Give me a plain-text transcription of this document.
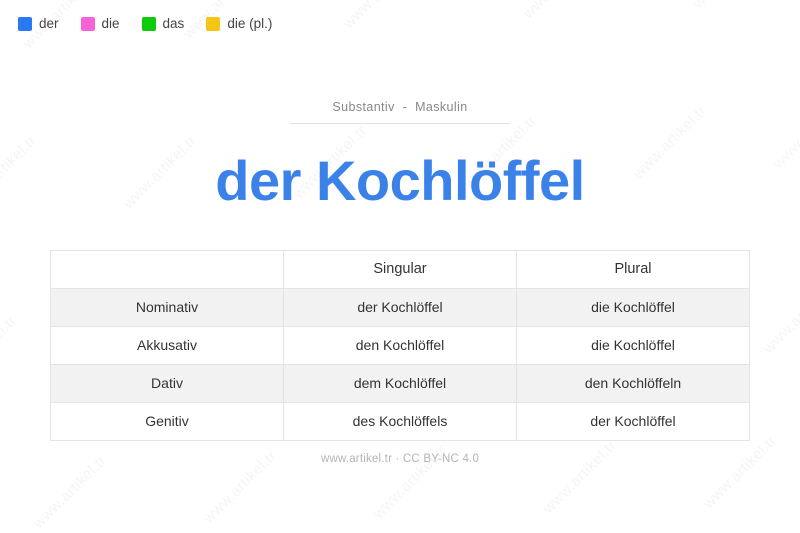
der	die	das	die (pl.)
Substantiv - Maskulin
der Kochlöffel
	Singular	Plural
Nominativ	der Kochlöffel	die Kochlöffel
Akkusativ	den Kochlöffel	die Kochlöffel
Dativ	dem Kochlöffel	den Kochlöffeln
Genitiv	des Kochlöffels	der Kochlöffel
www.artikel.tr · CC BY-NC 4.0
